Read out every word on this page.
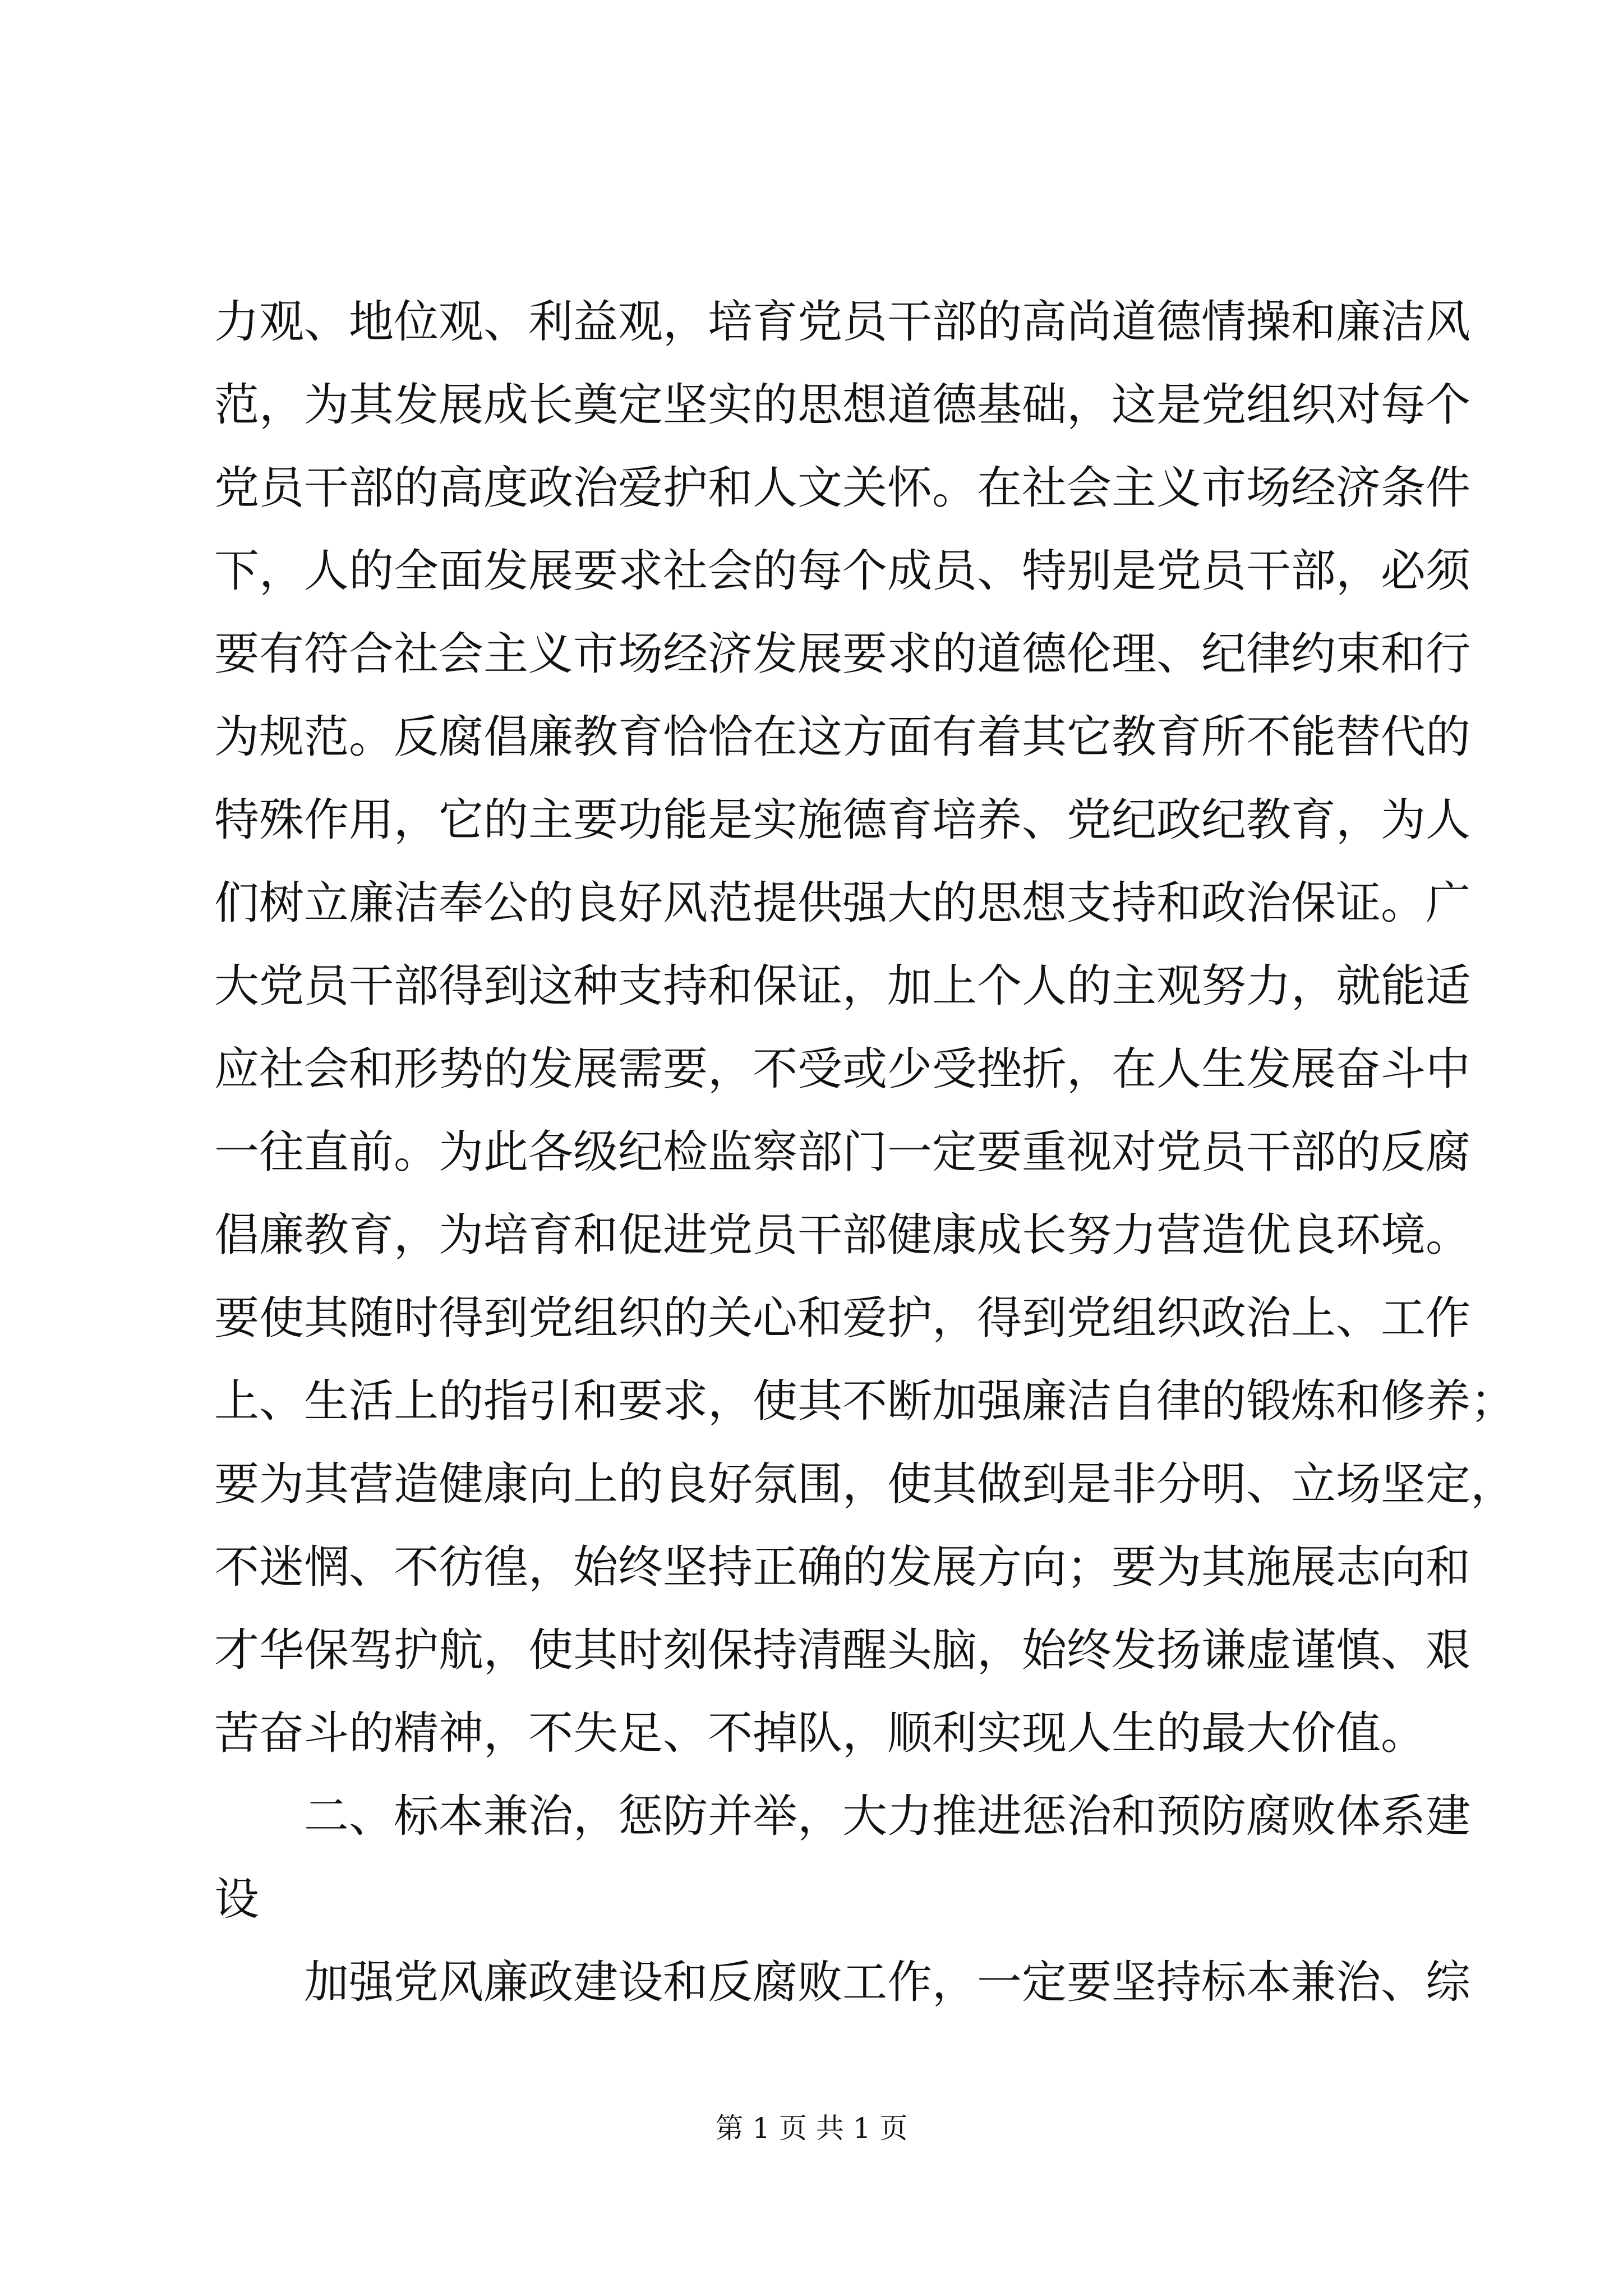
力观、地位观、利益观，培育党员干部的高尚道德情操和廉洁风
范，为其发展成长奠定坚实的思想道德基础，这是党组织对每个
党员干部的高度政治爱护和人文关怀。在社会主义市场经济条件
下，人的全面发展要求社会的每个成员、特别是党员干部，必须
要有符合社会主义市场经济发展要求的道德伦理、纪律约束和行
为规范。反腐倡廉教育恰恰在这方面有着其它教育所不能替代的
特殊作用，它的主要功能是实施德育培养、党纪政纪教育，为人
们树立廉洁奉公的良好风范提供强大的思想支持和政治保证。广
大党员干部得到这种支持和保证，加上个人的主观努力，就能适
应社会和形势的发展需要，不受或少受挫折，在人生发展奋斗中
一往直前。为此各级纪检监察部门一定要重视对党员干部的反腐
倡廉教育，为培育和促进党员干部健康成长努力营造优良环境。
要使其随时得到党组织的关心和爱护，得到党组织政治上、工作
上、生活上的指引和要求，使其不断加强廉洁自律的锻炼和修养；
要为其营造健康向上的良好氛围，使其做到是非分明、立场坚定，
不迷惘、不彷徨，始终坚持正确的发展方向；要为其施展志向和
才华保驾护航，使其时刻保持清醒头脑，始终发扬谦虚谨慎、艰
苦奋斗的精神，不失足、不掉队，顺利实现人生的最大价值。
二、标本兼治，惩防并举，大力推进惩治和预防腐败体系建
设
加强党风廉政建设和反腐败工作，一定要坚持标本兼治、综
第 1 页 共 1 页
